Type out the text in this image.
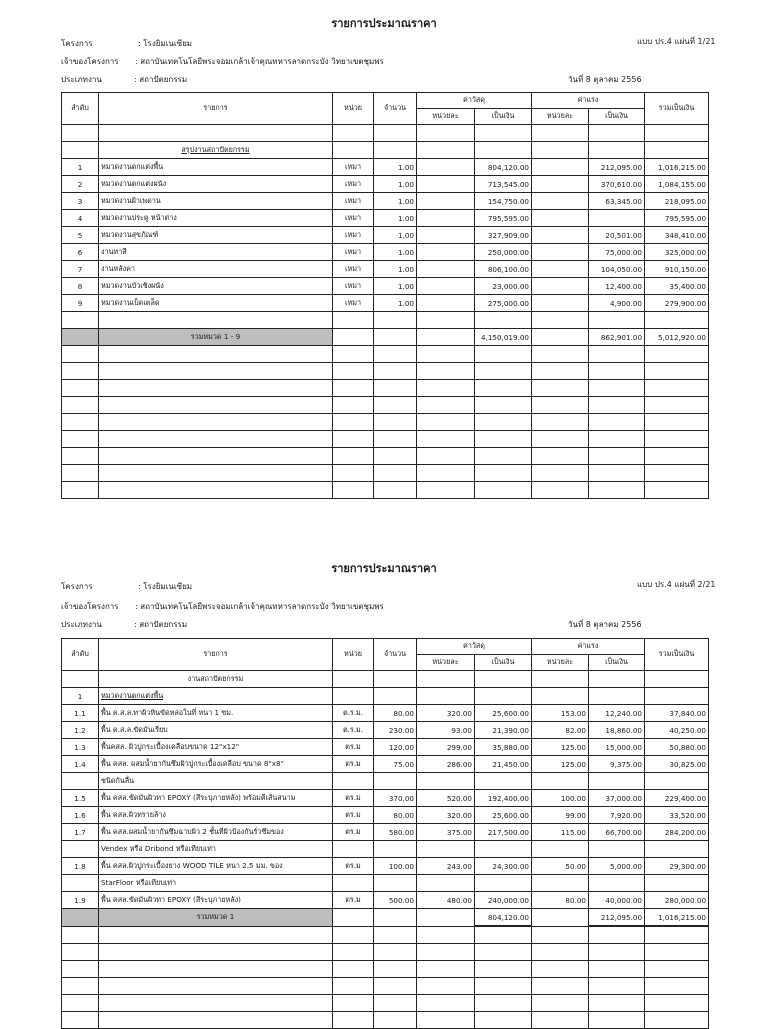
รายการประมาณราคา
โครงการ	: โรงยิมเนเซียม	แบบ ปร.4 แผ่นที่ 1/21
เจ้าของโครงการ : สถาบันเทคโนโลยีพระจอมเกล้าเจ้าคุณทหารลาดกระบัง วิทยาเขตชุมพร
ประเภทงาน	: สถาปัตยกรรม	วันที่ 8 ตุลาคม 2556
ลำดับ	รายการ	หน่วย	จำนวน	ค่าวัสดุ		ค่าแรง		รวมเป็นเงิน
				หน่วยละ	เป็นเงิน	หน่วยละ	เป็นเงิน	

	สรุปงานสถาปัตยกรรม							
1	หมวดงานตกแต่งพื้น	เหมา	1.00		804,120.00		212,095.00	1,016,215.00
2	หมวดงานตกแต่งผนัง	เหมา	1.00		713,545.00		370,610.00	1,084,155.00
3	หมวดงานฝ้าเพดาน	เหมา	1.00		154,750.00		63,345.00	218,095.00
4	หมวดงานประตู หน้าต่าง	เหมา	1.00		795,595.00			795,595.00
5	หมวดงานสุขภัณฑ์	เหมา	1.00		327,909.00		20,501.00	348,410.00
6	งานทาสี	เหมา	1.00		250,000.00		75,000.00	325,000.00
7	งานหลังคา	เหมา	1.00		806,100.00		104,050.00	910,150.00
8	หมวดงานบัวเชิงผนัง	เหมา	1.00		23,000.00		12,400.00	35,400.00
9	หมวดงานเบ็ดเตล็ด	เหมา	1.00		275,000.00		4,900.00	279,900.00

	รวมหมวด 1 - 9				4,150,019.00		862,901.00	5,012,920.00

รายการประมาณราคา
โครงการ	: โรงยิมเนเซียม	แบบ ปร.4 แผ่นที่ 2/21
เจ้าของโครงการ : สถาบันเทคโนโลยีพระจอมเกล้าเจ้าคุณทหารลาดกระบัง วิทยาเขตชุมพร
ประเภทงาน	: สถาปัตยกรรม	วันที่ 8 ตุลาคม 2556
ลำดับ	รายการ	หน่วย	จำนวน	ค่าวัสดุ		ค่าแรง		รวมเป็นเงิน
				หน่วยละ	เป็นเงิน	หน่วยละ	เป็นเงิน	
	งานสถาปัตยกรรม							
1	หมวดงานตกแต่งพื้น							
1.1	พื้น ค.ส.ล.ทาผิวหินขัดหล่อในที่ หนา 1 ซม.	ต.ร.ม.	80.00	320.00	25,600.00	153.00	12,240.00	37,840.00
1.2	พื้น ค.ส.ล.ขัดมันเรียบ	ต.ร.ม.	230.00	93.00	21,390.00	82.00	18,860.00	40,250.00
1.3	พื้นคสล. ผิวปูกระเบื้องเคลือบขนาด 12"x12"	ตร.ม	120.00	299.00	35,880.00	125.00	15,000.00	50,880.00
1.4	พื้น คสล. ผสมน้ำยากันซึมผิวปูกระเบื้องเคลือบ ขนาด 8"x8"	ตร.ม	75.00	286.00	21,450.00	125.00	9,375.00	30,825.00
	ชนิดกันลื่น							
1.5	พื้น คสล.ขัดมันผิวทา EPOXY (สีระบุภายหลัง) พร้อมตีเส้นสนาม	ตร.ม	370.00	520.00	192,400.00	100.00	37,000.00	229,400.00
1.6	พื้น คสล.ผิวทรายล้าง	ตร.ม	80.00	320.00	25,600.00	99.00	7,920.00	33,520.00
1.7	พื้น คสล.ผสมน้ำยากันซึมฉาบผิว 2 ชั้นที่ผิวป้องกันรั่วซึมของ	ตร.ม	580.00	375.00	217,500.00	115.00	66,700.00	284,200.00
	Vendex หรือ Dribond หรือเทียบเท่า							
1.8	พื้น คสล.ผิวปูกระเบื้องยาง WOOD TILE หนา 2.5 มม. ของ	ตร.ม	100.00	243.00	24,300.00	50.00	5,000.00	29,300.00
	StarFloor หรือเทียบเท่า							
1.9	พื้น คสล.ขัดมันผิวทา EPOXY (สีระบุภายหลัง)	ตร.ม	500.00	480.00	240,000.00	80.00	40,000.00	280,000.00
	รวมหมวด 1				804,120.00		212,095.00	1,016,215.00
